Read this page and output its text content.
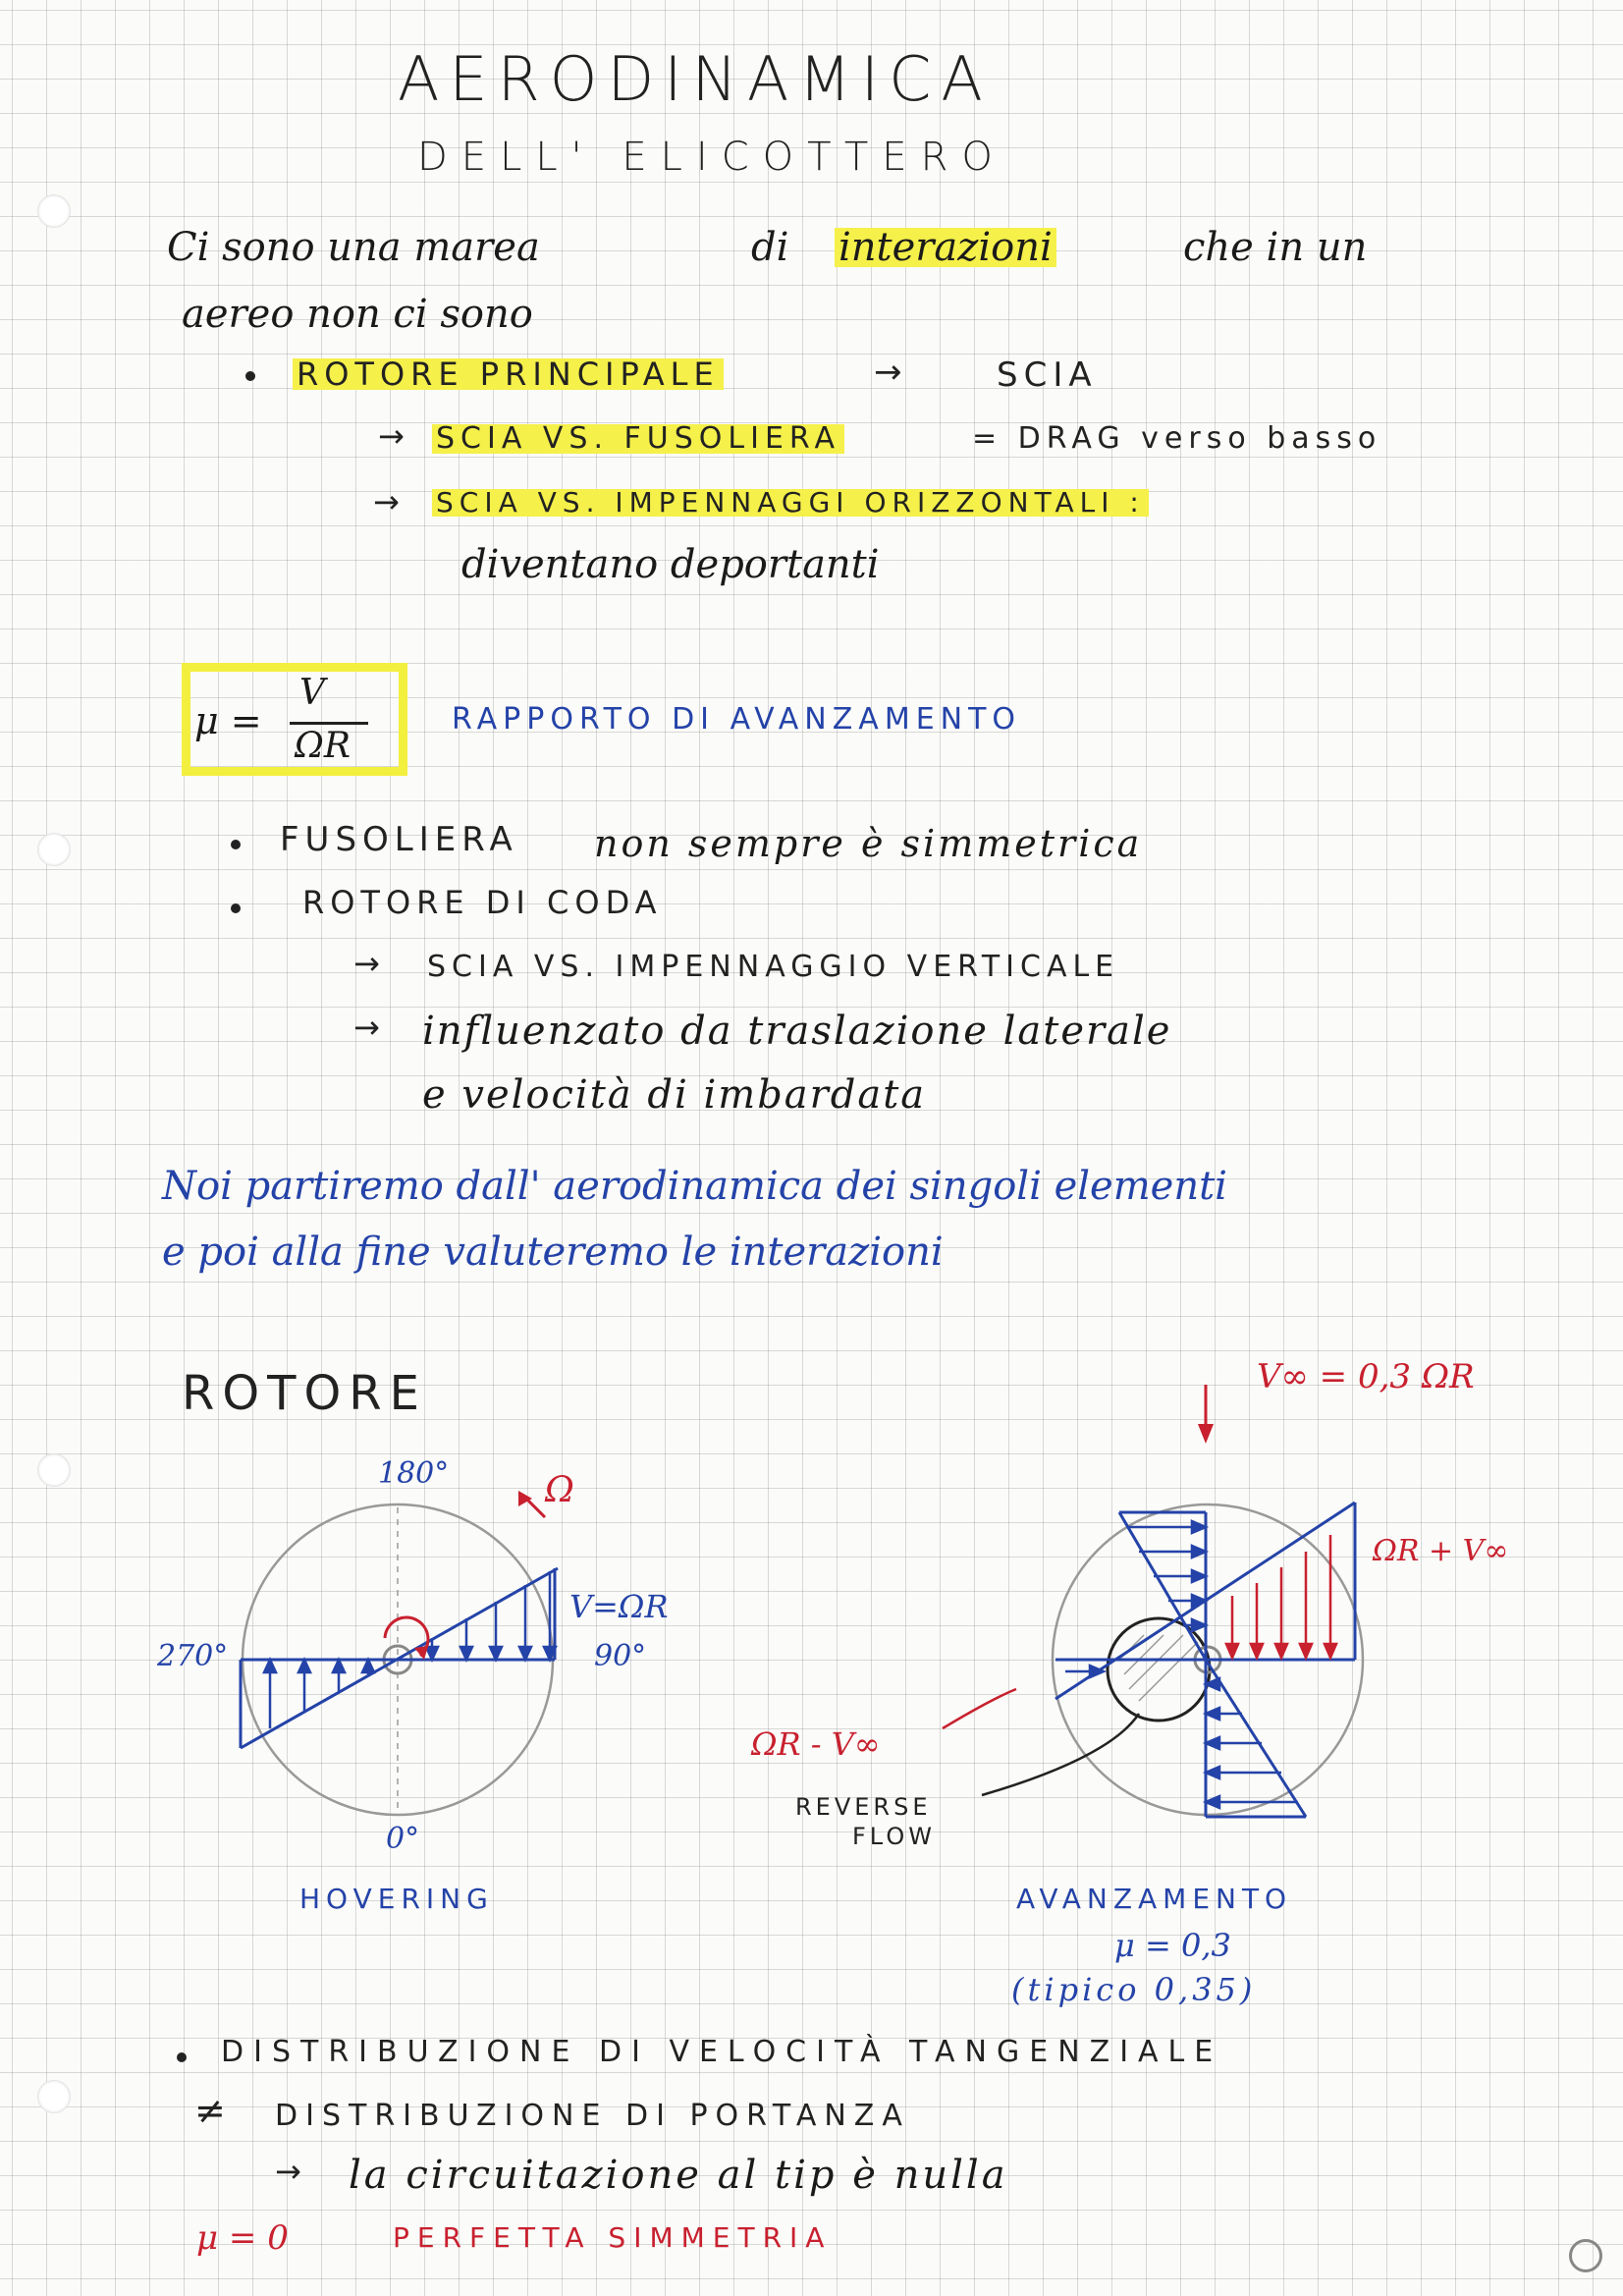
AERODINAMICA
DELL' ELICOTTERO
Ci sono una marea	di interazioni	che in un
aereo non ci sono
ROTORE PRINCIPALE	→	SCIA
→ SCIA VS. FUSOLIERA	= DRAG verso basso
→ SCIA VS. IMPENNAGGI ORIZZONTALI :
diventano deportanti
μ =
V
ΩR
RAPPORTO DI AVANZAMENTO
FUSOLIERA non sempre è simmetrica
ROTORE DI CODA
→ SCIA VS. IMPENNAGGIO VERTICALE
→ influenzato da traslazione laterale
e velocità di imbardata
Noi partiremo dall' aerodinamica dei singoli elementi
e poi alla fine valuteremo le interazioni
ROTORE
180°
270°	90°
0°
Ω
V=ΩR
HOVERING
V∞ = 0,3 ΩR
ΩR + V∞
ΩR - V∞
REVERSE
FLOW
AVANZAMENTO
μ = 0,3
(tipico 0,35)
DISTRIBUZIONE DI VELOCITÀ TANGENZIALE
≠ DISTRIBUZIONE DI PORTANZA
→ la circuitazione al tip è nulla
μ = 0	PERFETTA SIMMETRIA
